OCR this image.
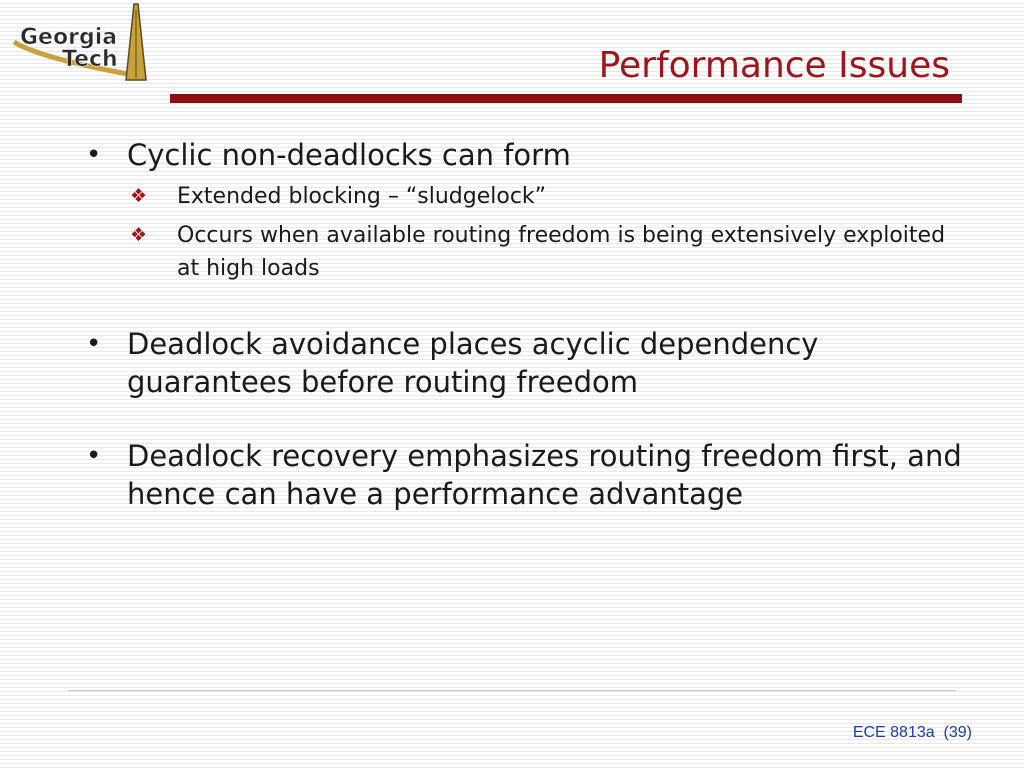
Georgia
Tech	Performance Issues
• Cyclic non-deadlocks can form
❖ Extended blocking – “sludgelock”
❖ Occurs when available routing freedom is being extensively exploited at high loads
• Deadlock avoidance places acyclic dependency guarantees before routing freedom
• Deadlock recovery emphasizes routing freedom first, and hence can have a performance advantage
ECE 8813a  (39)
